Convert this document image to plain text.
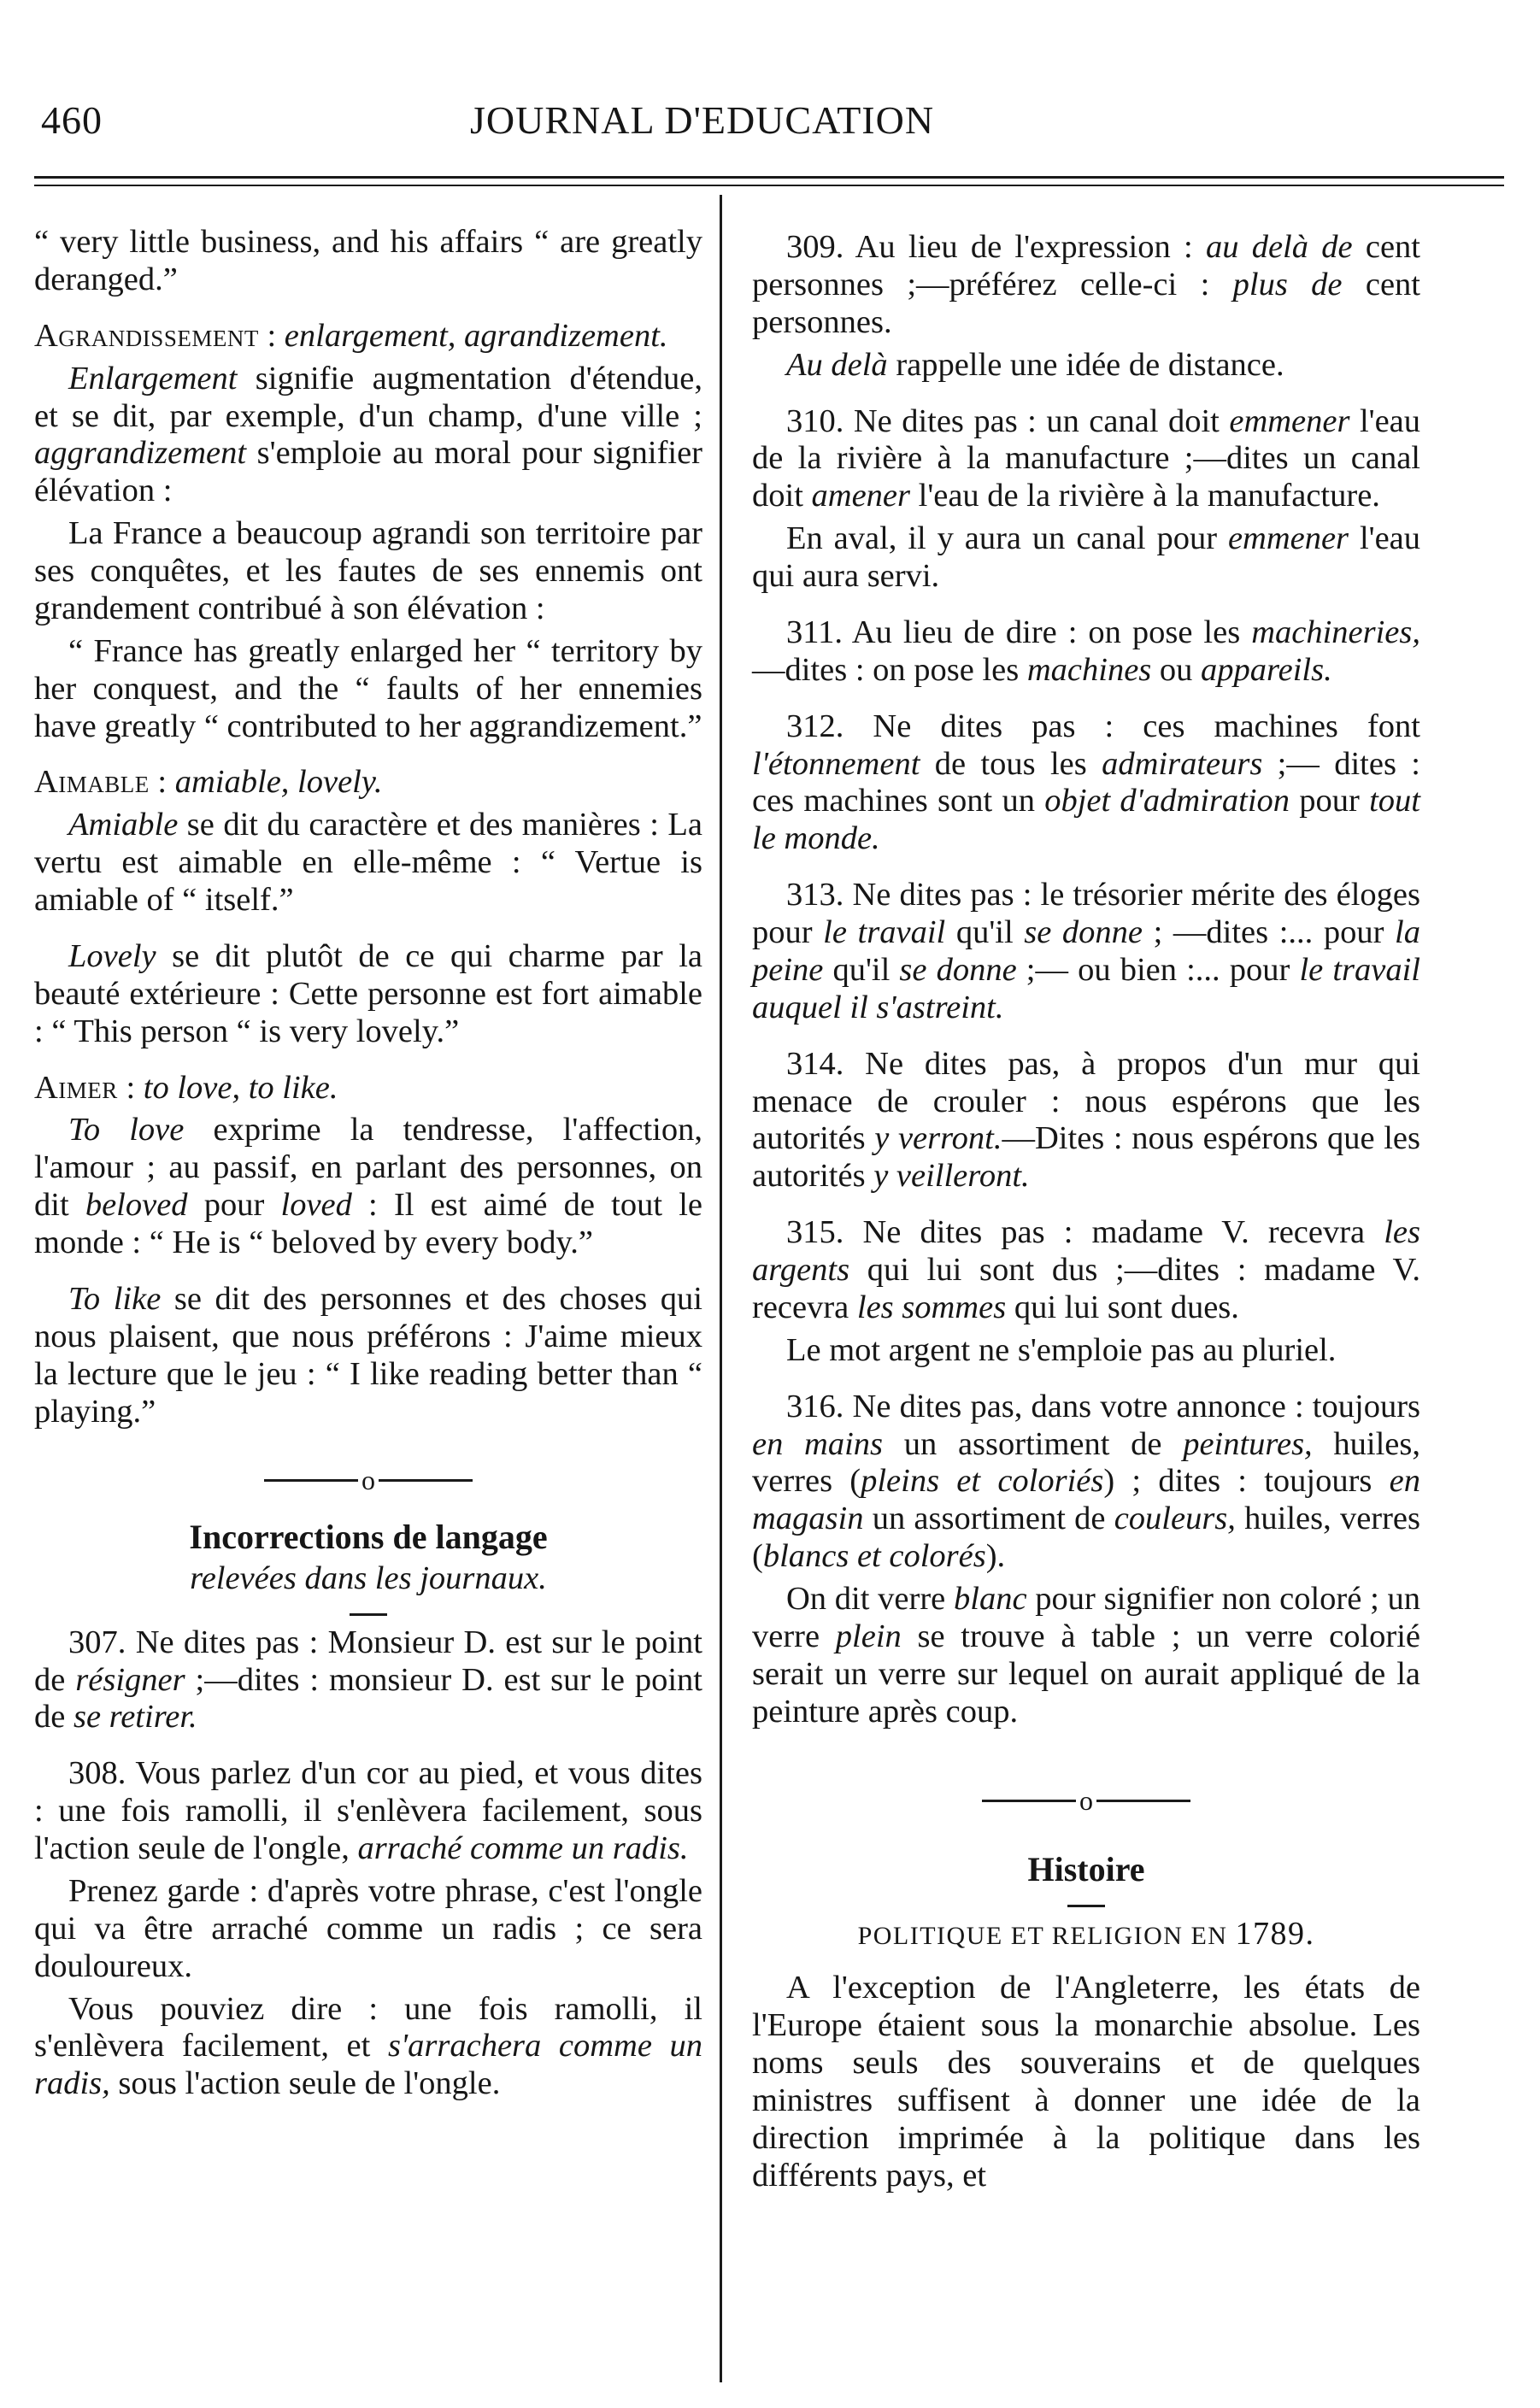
460	JOURNAL D'EDUCATION

“ very little business, and his affairs “ are greatly deranged.”

Agrandissement : enlargement, agrandizement.

Enlargement signifie augmentation d'étendue, et se dit, par exemple, d'un champ, d'une ville ; aggrandizement s'emploie au moral pour signifier élévation :

La France a beaucoup agrandi son territoire par ses conquêtes, et les fautes de ses ennemis ont grandement contribué à son élévation :

“ France has greatly enlarged her “ territory by her conquest, and the “ faults of her ennemies have greatly “ contributed to her aggrandizement.”

Aimable : amiable, lovely.

Amiable se dit du caractère et des manières : La vertu est aimable en elle-même : “ Vertue is amiable of “ itself.”

Lovely se dit plutôt de ce qui charme par la beauté extérieure : Cette personne est fort aimable : “ This person “ is very lovely.”

Aimer : to love, to like.

To love exprime la tendresse, l'affection, l'amour ; au passif, en parlant des personnes, on dit beloved pour loved : Il est aimé de tout le monde : “ He is “ beloved by every body.”

To like se dit des personnes et des choses qui nous plaisent, que nous préférons : J'aime mieux la lecture que le jeu : “ I like reading better than “ playing.”

o

Incorrections de langage

relevées dans les journaux.

307. Ne dites pas : Monsieur D. est sur le point de résigner ;—dites : monsieur D. est sur le point de se retirer.

308. Vous parlez d'un cor au pied, et vous dites : une fois ramolli, il s'enlèvera facilement, sous l'action seule de l'ongle, arraché comme un radis.

Prenez garde : d'après votre phrase, c'est l'ongle qui va être arraché comme un radis ; ce sera douloureux.

Vous pouviez dire : une fois ramolli, il s'enlèvera facilement, et s'arrachera comme un radis, sous l'action seule de l'ongle.

309. Au lieu de l'expression : au delà de cent personnes ;—préférez celle-ci : plus de cent personnes.

Au delà rappelle une idée de distance.

310. Ne dites pas : un canal doit emmener l'eau de la rivière à la manufacture ;—dites un canal doit amener l'eau de la rivière à la manufacture.

En aval, il y aura un canal pour emmener l'eau qui aura servi.

311. Au lieu de dire : on pose les machineries,—dites : on pose les machines ou appareils.

312. Ne dites pas : ces machines font l'étonnement de tous les admirateurs ;— dites : ces machines sont un objet d'admiration pour tout le monde.

313. Ne dites pas : le trésorier mérite des éloges pour le travail qu'il se donne ; —dites :... pour la peine qu'il se donne ;— ou bien :... pour le travail auquel il s'astreint.

314. Ne dites pas, à propos d'un mur qui menace de crouler : nous espérons que les autorités y verront.—Dites : nous espérons que les autorités y veilleront.

315. Ne dites pas : madame V. recevra les argents qui lui sont dus ;—dites : madame V. recevra les sommes qui lui sont dues.

Le mot argent ne s'emploie pas au pluriel.

316. Ne dites pas, dans votre annonce : toujours en mains un assortiment de peintures, huiles, verres (pleins et coloriés) ; dites : toujours en magasin un assortiment de couleurs, huiles, verres (blancs et colorés).

On dit verre blanc pour signifier non coloré ; un verre plein se trouve à table ; un verre colorié serait un verre sur lequel on aurait appliqué de la peinture après coup.

o

Histoire

POLITIQUE ET RELIGION EN 1789.

A l'exception de l'Angleterre, les états de l'Europe étaient sous la monarchie absolue. Les noms seuls des souverains et de quelques ministres suffisent à donner une idée de la direction imprimée à la politique dans les différents pays, et
